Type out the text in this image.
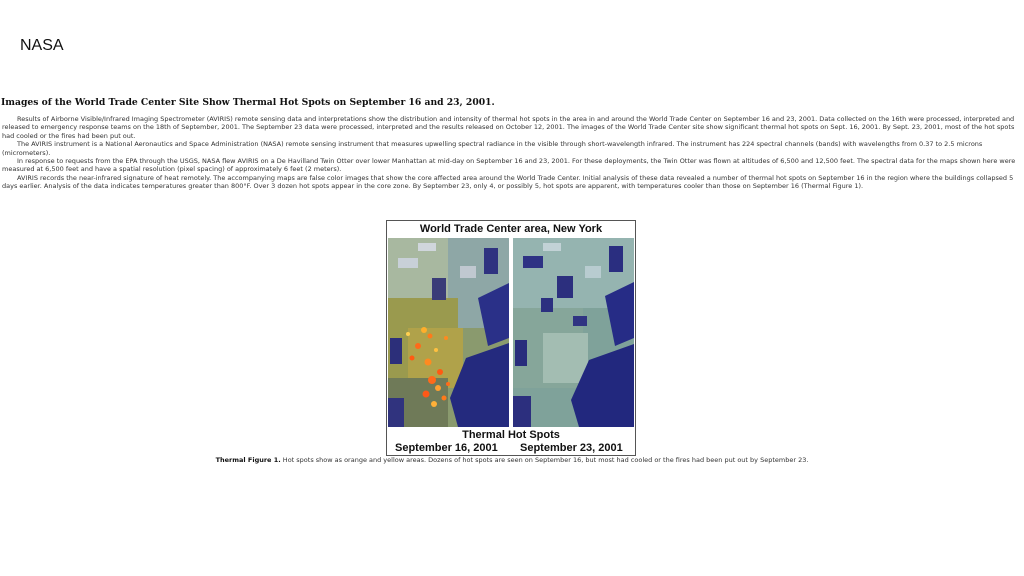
NASA
Images of the World Trade Center Site Show Thermal Hot Spots on September 16 and 23, 2001.

Results of Airborne Visible/Infrared Imaging Spectrometer (AVIRIS) remote sensing data and interpretations show the distribution and intensity of thermal hot spots in the area in and around the World Trade Center on September 16 and 23, 2001. Data collected on the 16th were processed, interpreted and released to emergency response teams on the 18th of September, 2001. The September 23 data were processed, interpreted and the results released on October 12, 2001. The images of the World Trade Center site show significant thermal hot spots on Sept. 16, 2001. By Sept. 23, 2001, most of the hot spots had cooled or the fires had been put out.

The AVIRIS instrument is a National Aeronautics and Space Administration (NASA) remote sensing instrument that measures upwelling spectral radiance in the visible through short-wavelength infrared. The instrument has 224 spectral channels (bands) with wavelengths from 0.37 to 2.5 microns (micrometers).

In response to requests from the EPA through the USGS, NASA flew AVIRIS on a De Havilland Twin Otter over lower Manhattan at mid-day on September 16 and 23, 2001. For these deployments, the Twin Otter was flown at altitudes of 6,500 and 12,500 feet. The spectral data for the maps shown here were measured at 6,500 feet and have a spatial resolution (pixel spacing) of approximately 6 feet (2 meters).

AVIRIS records the near-infrared signature of heat remotely. The accompanying maps are false color images that show the core affected area around the World Trade Center. Initial analysis of these data revealed a number of thermal hot spots on September 16 in the region where the buildings collapsed 5 days earlier. Analysis of the data indicates temperatures greater than 800°F. Over 3 dozen hot spots appear in the core zone. By September 23, only 4, or possibly 5, hot spots are apparent, with temperatures cooler than those on September 16 (Thermal Figure 1).

World Trade Center area, New York
Thermal Hot Spots
September 16, 2001 September 23, 2001
Thermal Figure 1. Hot spots show as orange and yellow areas. Dozens of hot spots are seen on September 16, but most had cooled or the fires had been put out by September 23.
